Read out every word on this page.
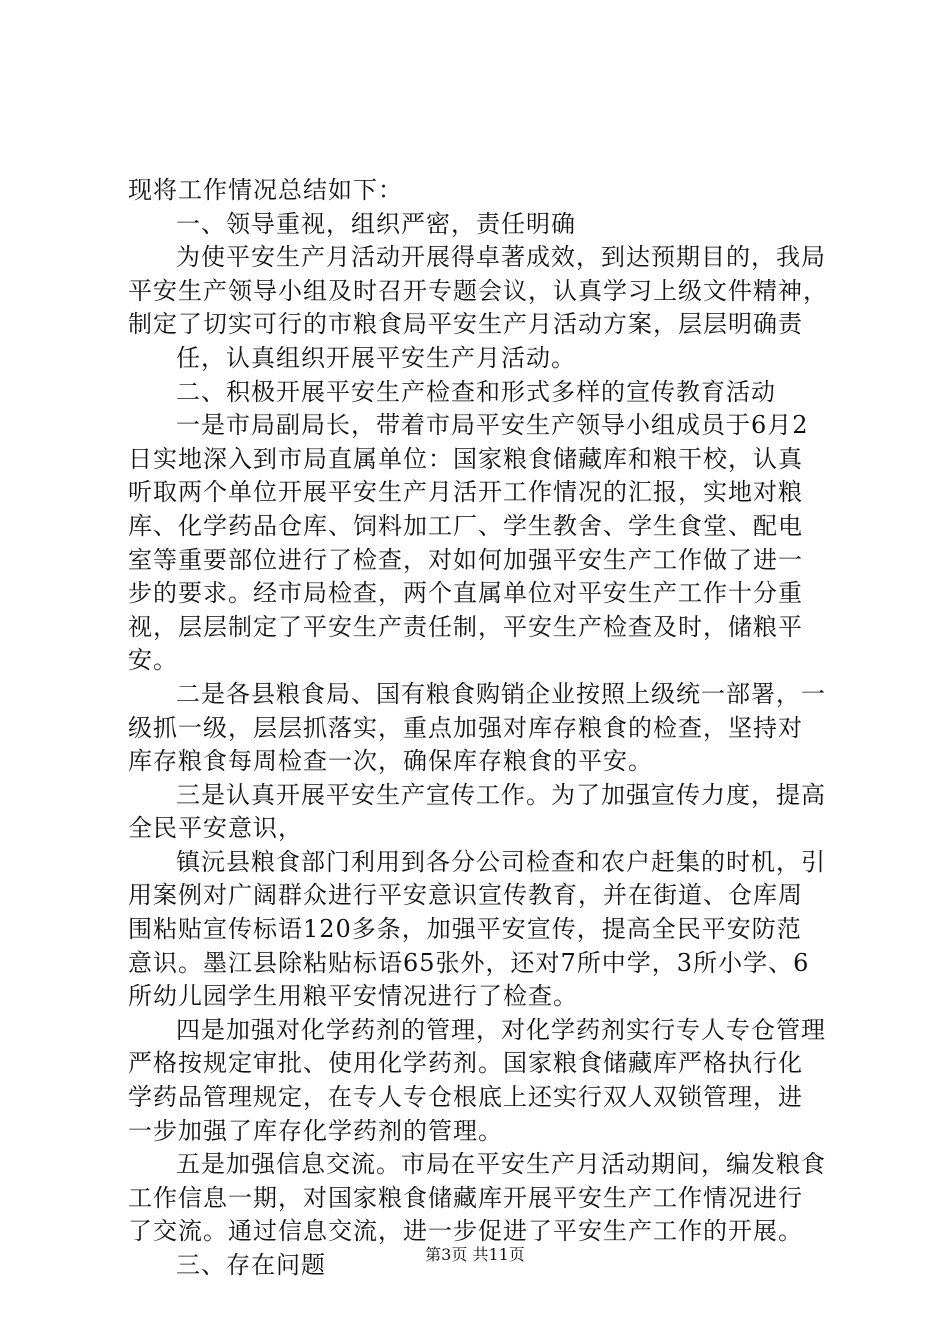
现将工作情况总结如下：
一、领导重视，组织严密，责任明确
为使平安生产月活动开展得卓著成效，到达预期目的，我局
平安生产领导小组及时召开专题会议，认真学习上级文件精神，
制定了切实可行的市粮食局平安生产月活动方案，层层明确责
任，认真组织开展平安生产月活动。
二、积极开展平安生产检查和形式多样的宣传教育活动
一是市局副局长，带着市局平安生产领导小组成员于6月2
日实地深入到市局直属单位：国家粮食储藏库和粮干校，认真
听取两个单位开展平安生产月活开工作情况的汇报，实地对粮
库、化学药品仓库、饲料加工厂、学生教舍、学生食堂、配电
室等重要部位进行了检查，对如何加强平安生产工作做了进一
步的要求。经市局检查，两个直属单位对平安生产工作十分重
视，层层制定了平安生产责任制，平安生产检查及时，储粮平
安。
二是各县粮食局、国有粮食购销企业按照上级统一部署，一
级抓一级，层层抓落实，重点加强对库存粮食的检查，坚持对
库存粮食每周检查一次，确保库存粮食的平安。
三是认真开展平安生产宣传工作。为了加强宣传力度，提高
全民平安意识，
镇沅县粮食部门利用到各分公司检查和农户赶集的时机，引
用案例对广阔群众进行平安意识宣传教育，并在街道、仓库周
围粘贴宣传标语120多条，加强平安宣传，提高全民平安防范
意识。墨江县除粘贴标语65张外，还对7所中学，3所小学、6
所幼儿园学生用粮平安情况进行了检查。
四是加强对化学药剂的管理，对化学药剂实行专人专仓管理
严格按规定审批、使用化学药剂。国家粮食储藏库严格执行化
学药品管理规定，在专人专仓根底上还实行双人双锁管理，进
一步加强了库存化学药剂的管理。
五是加强信息交流。市局在平安生产月活动期间，编发粮食
工作信息一期，对国家粮食储藏库开展平安生产工作情况进行
了交流。通过信息交流，进一步促进了平安生产工作的开展。
三、存在问题	第3页 共11页
